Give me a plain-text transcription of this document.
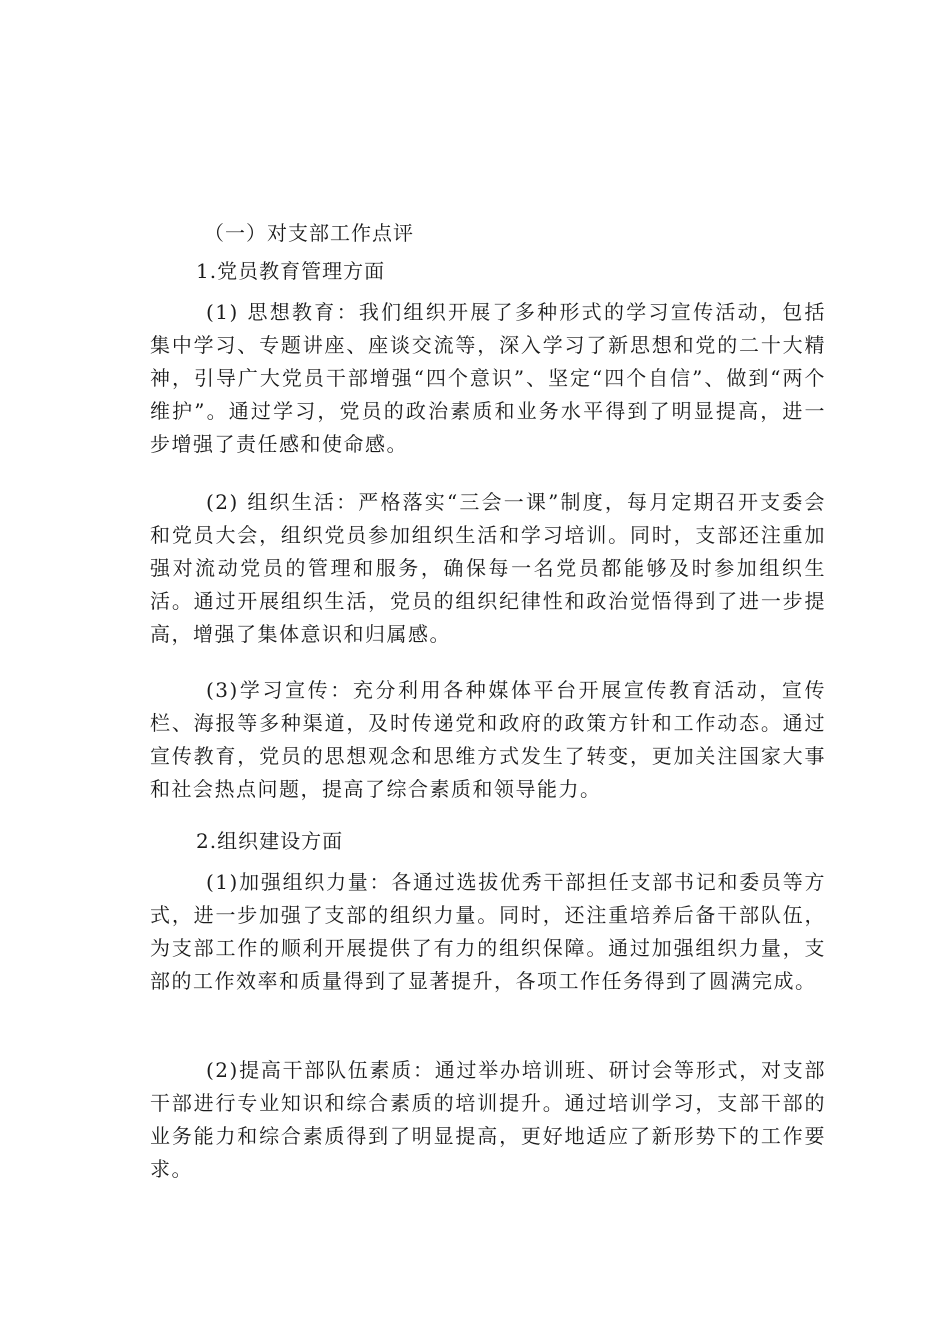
（一）对支部工作点评
1.党员教育管理方面

(1) 思想教育：我们组织开展了多种形式的学习宣传活动，包括集中学习、专题讲座、座谈交流等，深入学习了新思想和党的二十大精神，引导广大党员干部增强“四个意识”、坚定“四个自信”、做到“两个维护”。通过学习，党员的政治素质和业务水平得到了明显提高，进一步增强了责任感和使命感。

(2) 组织生活：严格落实“三会一课”制度，每月定期召开支委会和党员大会，组织党员参加组织生活和学习培训。同时，支部还注重加强对流动党员的管理和服务，确保每一名党员都能够及时参加组织生活。通过开展组织生活，党员的组织纪律性和政治觉悟得到了进一步提高，增强了集体意识和归属感。

(3)学习宣传：充分利用各种媒体平台开展宣传教育活动，宣传栏、海报等多种渠道，及时传递党和政府的政策方针和工作动态。通过宣传教育，党员的思想观念和思维方式发生了转变，更加关注国家大事和社会热点问题，提高了综合素质和领导能力。

2.组织建设方面

(1)加强组织力量：各通过选拔优秀干部担任支部书记和委员等方式，进一步加强了支部的组织力量。同时，还注重培养后备干部队伍，为支部工作的顺利开展提供了有力的组织保障。通过加强组织力量，支部的工作效率和质量得到了显著提升，各项工作任务得到了圆满完成。

(2)提高干部队伍素质：通过举办培训班、研讨会等形式，对支部干部进行专业知识和综合素质的培训提升。通过培训学习，支部干部的业务能力和综合素质得到了明显提高，更好地适应了新形势下的工作要求。
